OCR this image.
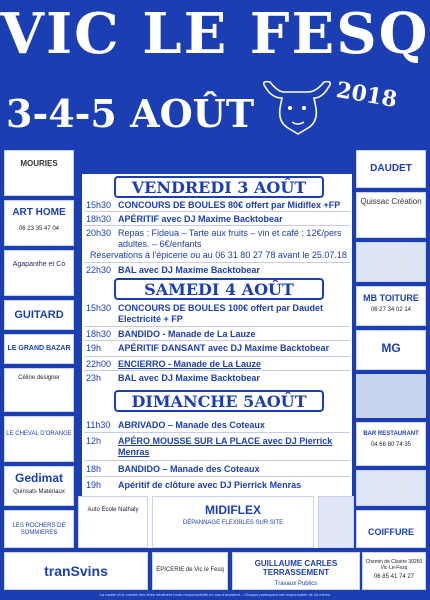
VIC LE FESQ
3-4-5 AOÛT	2018
MOURIES
ART HOME
06 23 35 47 04
Agapanthe et Co
GUITARD
LE GRAND BAZAR
Céline designer
LE CHEVAL D'ORANGE
Gedimat
Quinsats Matériaux
LES ROCHERS DE SOMMIERES
DAUDET
Quissac Création
MB TOITURE
06 27 34 02 14
MG
BAR RESTAURANT
04 66 80 74 35
COIFFURE
VENDREDI 3 AOÛT
15h30 CONCOURS DE BOULES 80€ offert par Midiflex +FP
18h30 APÉRITIF avec DJ Maxime Backtobear
20h30 Repas : Fideua – Tarte aux fruits – vin et café : 12€/pers adultes. – 6€/enfants
Réservations à l'épicerie ou au 06 31 80 27 78 avant le 25.07.18
22h30 BAL avec DJ Maxime Backtobear
SAMEDI 4 AOÛT
15h30 CONCOURS DE BOULES 100€ offert par Daudet Electricité + FP
18h30 BANDIDO - Manade de La Lauze
19h	APÉRITIF DANSANT avec DJ Maxime Backtobear
22h00 ENCIERRO - Manade de La Lauze
23h	BAL avec DJ Maxime Backtobear
DIMANCHE 5AOÛT
11h30 ABRIVADO – Manade des Coteaux
12h	APÉRO MOUSSE SUR LA PLACE avec DJ Pierrick Menras
18h	BANDIDO – Manade des Coteaux
19h	Apéritif de clôture avec DJ Pierrick Menras
Auto Ecole Nathaly	MIDIFLEX
DÉPANNAGE FLEXIBLES SUR SITE
tranSvins	ÉPICERIE de Vic le Fesq
GUILLAUME CARLES TERRASSEMENT
Travaux Publics
Chemin de Clastre 30260 Vic-Le-Fesq
06 85 41 74 27
La mairie et le comité des fêtes déclinent toute responsabilité en cas d'accident – Chaque participant est responsable de lui-même
